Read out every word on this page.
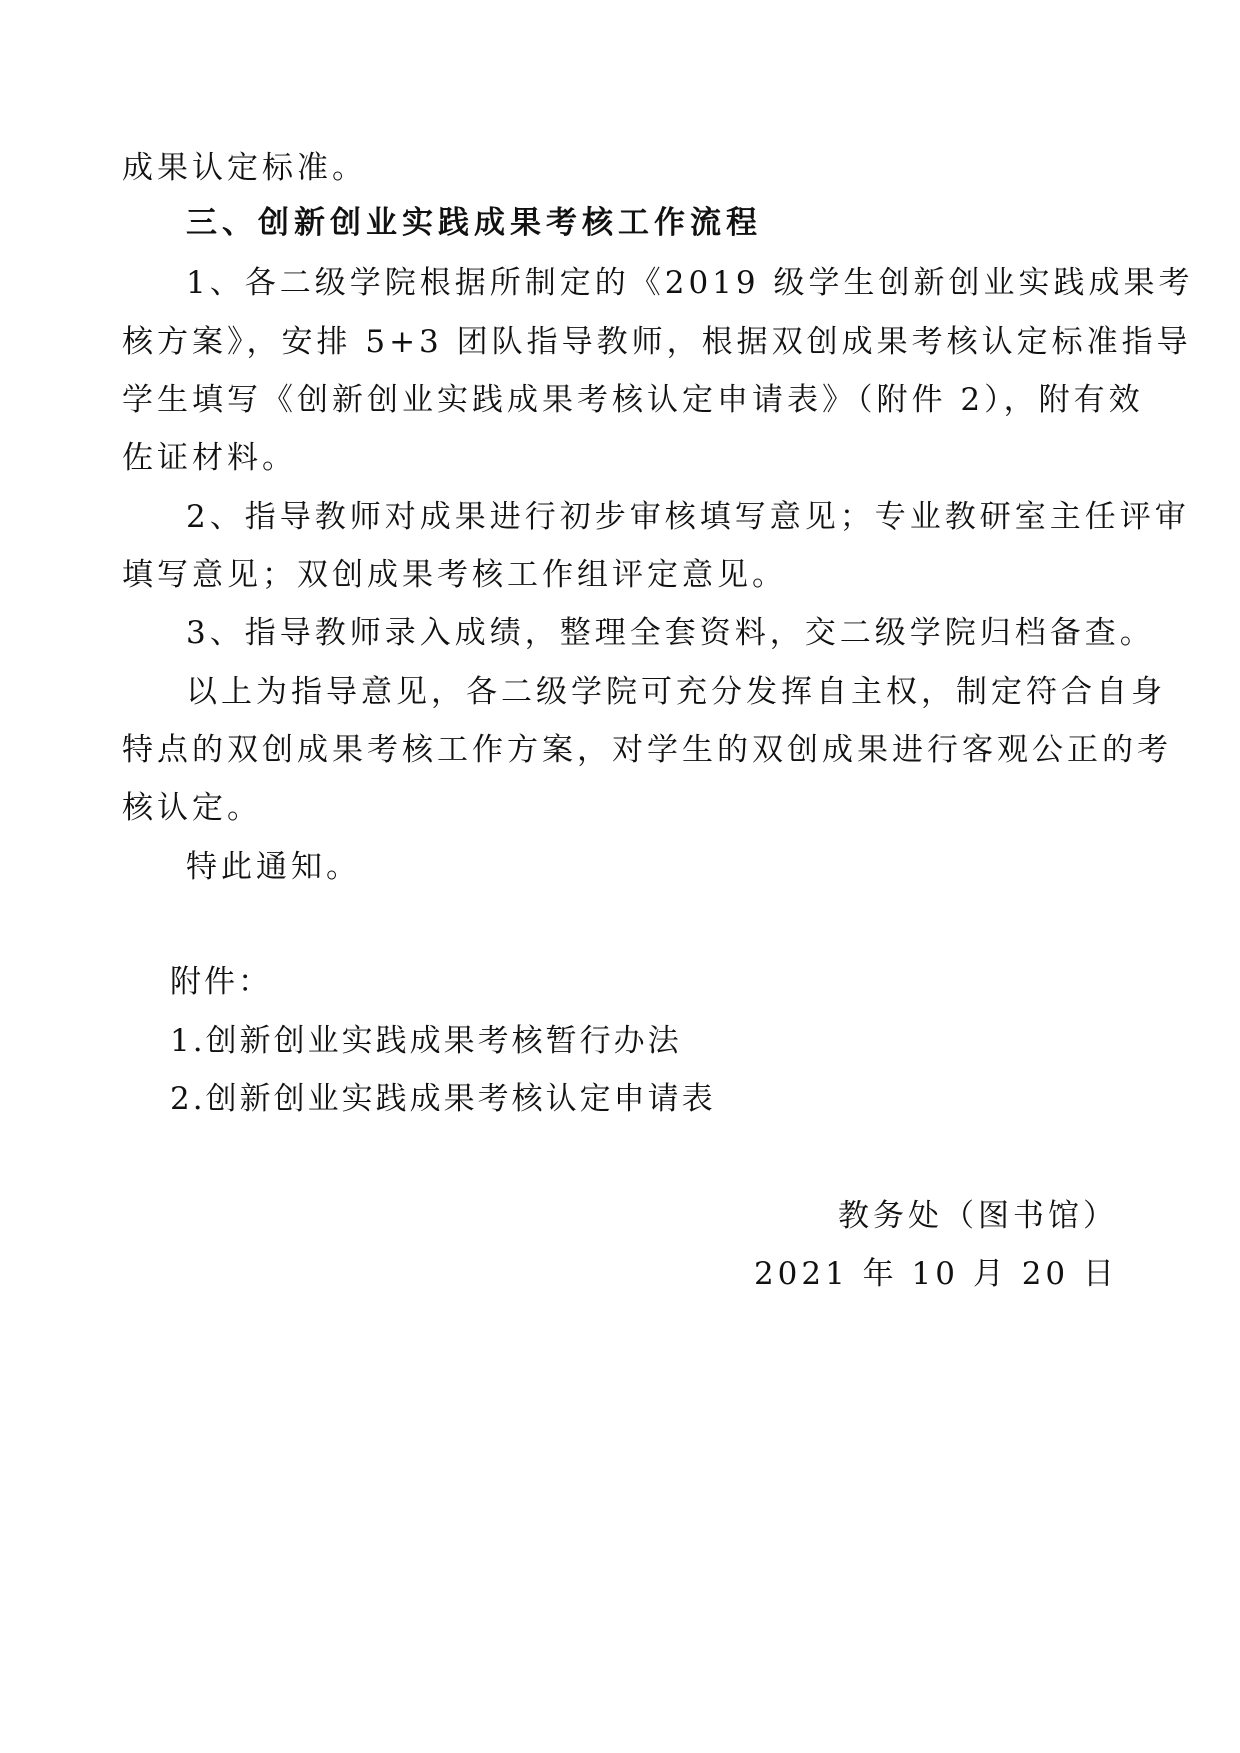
成果认定标准。
三、创新创业实践成果考核工作流程
1、各二级学院根据所制定的《2019 级学生创新创业实践成果考
核方案》，安排 5+3 团队指导教师，根据双创成果考核认定标准指导
学生填写《创新创业实践成果考核认定申请表》（附件 2），附有效
佐证材料。
2、指导教师对成果进行初步审核填写意见；专业教研室主任评审
填写意见；双创成果考核工作组评定意见。
3、指导教师录入成绩，整理全套资料，交二级学院归档备查。
以上为指导意见，各二级学院可充分发挥自主权，制定符合自身
特点的双创成果考核工作方案，对学生的双创成果进行客观公正的考
核认定。
特此通知。
附件：
1.创新创业实践成果考核暂行办法
2.创新创业实践成果考核认定申请表
教务处（图书馆）
2021 年 10 月 20 日
